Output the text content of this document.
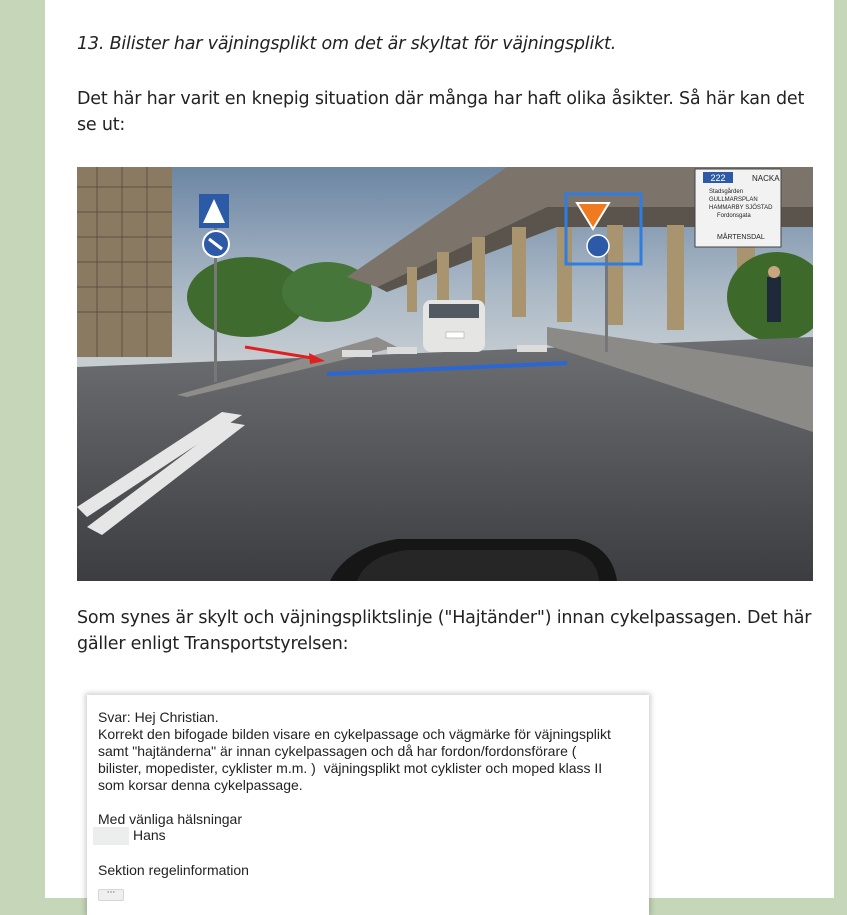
13. Bilister har väjningsplikt om det är skyltat för väjningsplikt.
Det här har varit en knepig situation där många har haft olika åsikter. Så här kan det se ut:
222	NACKA
Stadsgården
GULLMARSPLAN
HAMMARBY SJÖSTAD
Fordonsgata
MÅRTENSDAL
Som synes är skylt och väjningspliktslinje ("Hajtänder") innan cykelpassagen. Det här gäller enligt Transportstyrelsen:
Svar: Hej Christian.
Korrekt den bifogade bilden visare en cykelpassage och vägmärke för väjningsplikt samt "hajtänderna" är innan cykelpassagen och då har fordon/fordonsförare ( bilister, mopedister, cyklister m.m. )  väjningsplikt mot cyklister och moped klass II som korsar denna cykelpassage.
Med vänliga hälsningar
Hans
Sektion regelinformation
···
